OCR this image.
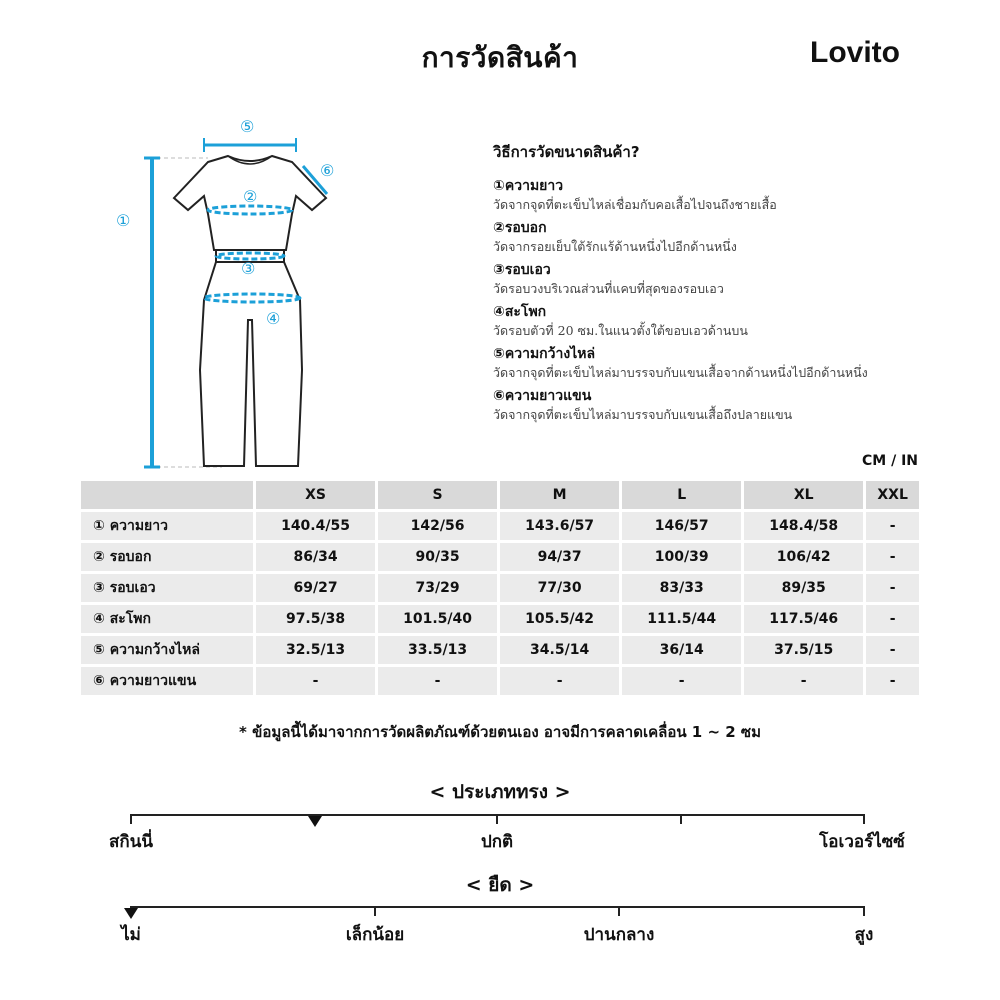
การวัดสินค้า	Lovito
①
②
③
④
⑤
⑥
วิธีการวัดขนาดสินค้า?
①ความยาว
วัดจากจุดที่ตะเข็บไหล่เชื่อมกับคอเสื้อไปจนถึงชายเสื้อ
②รอบอก
วัดจากรอยเย็บใต้รักแร้ด้านหนึ่งไปอีกด้านหนึ่ง
③รอบเอว
วัดรอบวงบริเวณส่วนที่แคบที่สุดของรอบเอว
④สะโพก
วัดรอบตัวที่ 20 ซม.ในแนวตั้งใต้ขอบเอวด้านบน
⑤ความกว้างไหล่
วัดจากจุดที่ตะเข็บไหล่มาบรรจบกับแขนเสื้อจากด้านหนึ่งไปอีกด้านหนึ่ง
⑥ความยาวแขน
วัดจากจุดที่ตะเข็บไหล่มาบรรจบกับแขนเสื้อถึงปลายแขน
CM / IN
	XS	S	M	L	XL	XXL
① ความยาว	140.4/55	142/56	143.6/57	146/57	148.4/58	-
② รอบอก	86/34	90/35	94/37	100/39	106/42	-
③ รอบเอว	69/27	73/29	77/30	83/33	89/35	-
④ สะโพก	97.5/38	101.5/40	105.5/42	111.5/44	117.5/46	-
⑤ ความกว้างไหล่	32.5/13	33.5/13	34.5/14	36/14	37.5/15	-
⑥ ความยาวแขน	-	-	-	-	-	-
* ข้อมูลนี้ได้มาจากการวัดผลิตภัณฑ์ด้วยตนเอง อาจมีการคลาดเคลื่อน 1 ~ 2 ซม
< ประเภททรง >
สกินนี่	ปกติ	โอเวอร์ไซซ์
< ยืด >
ไม่	เล็กน้อย	ปานกลาง	สูง
